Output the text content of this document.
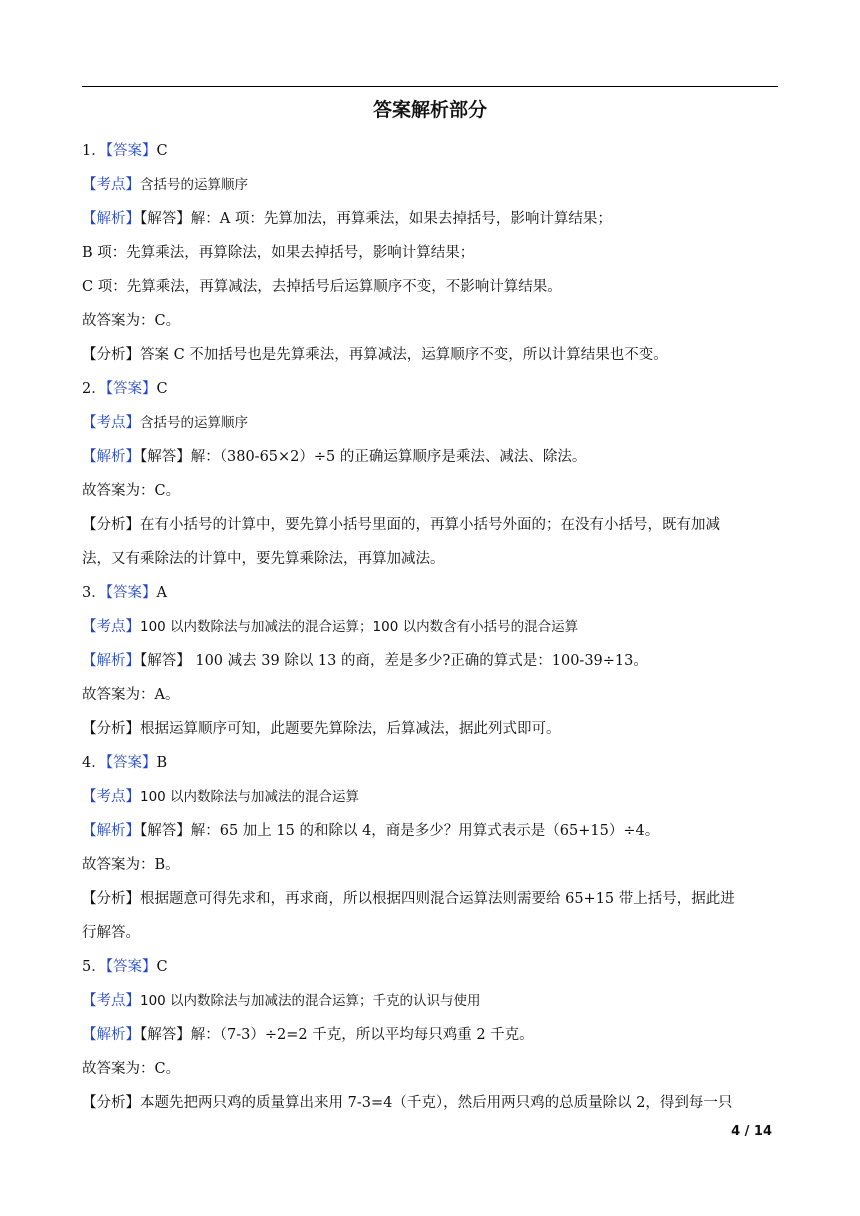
答案解析部分
1．【答案】C
【考点】含括号的运算顺序
【解析】【解答】解：A 项：先算加法，再算乘法，如果去掉括号，影响计算结果；
B 项：先算乘法，再算除法，如果去掉括号，影响计算结果；
C 项：先算乘法，再算减法，去掉括号后运算顺序不变，不影响计算结果。
故答案为：C。
【分析】答案 C 不加括号也是先算乘法，再算减法，运算顺序不变，所以计算结果也不变。
2．【答案】C
【考点】含括号的运算顺序
【解析】【解答】解：（380-65×2）÷5 的正确运算顺序是乘法、减法、除法。
故答案为：C。
【分析】在有小括号的计算中，要先算小括号里面的，再算小括号外面的；在没有小括号，既有加减
法，又有乘除法的计算中，要先算乘除法，再算加减法。
3．【答案】A
【考点】100 以内数除法与加减法的混合运算；100 以内数含有小括号的混合运算
【解析】【解答】 100 减去 39 除以 13 的商，差是多少?正确的算式是：100-39÷13。
故答案为：A。
【分析】根据运算顺序可知，此题要先算除法，后算减法，据此列式即可。
4．【答案】B
【考点】100 以内数除法与加减法的混合运算
【解析】【解答】解：65 加上 15 的和除以 4，商是多少？用算式表示是（65+15）÷4。
故答案为：B。
【分析】根据题意可得先求和，再求商，所以根据四则混合运算法则需要给 65+15 带上括号，据此进
行解答。
5．【答案】C
【考点】100 以内数除法与加减法的混合运算；千克的认识与使用
【解析】【解答】解：（7-3）÷2=2 千克，所以平均每只鸡重 2 千克。
故答案为：C。
【分析】本题先把两只鸡的质量算出来用 7-3=4（千克），然后用两只鸡的总质量除以 2，得到每一只
4 / 14
